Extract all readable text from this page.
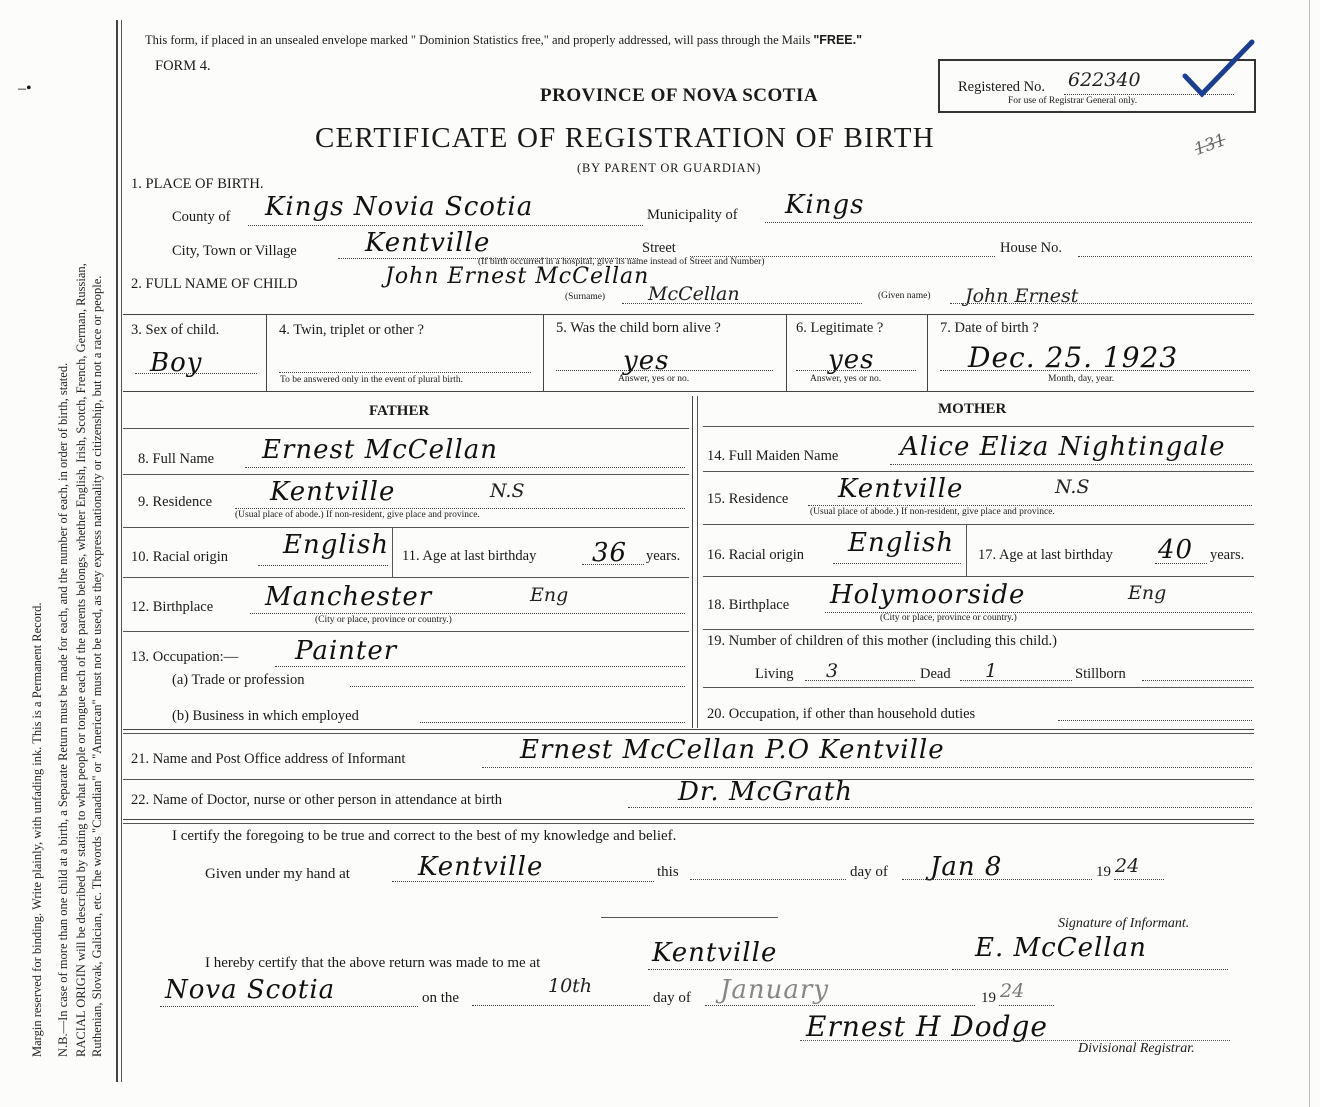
Margin reserved for binding. Write plainly, with unfading ink. This is a Permanent Record. N.B.—In case of more than one child at a birth, a Separate Return must be made for each, and the number of each, in order of birth, stated. RACIAL ORIGIN will be described by stating to what people or tongue each of the parents belongs, whether English, Irish, Scotch, French, German, Russian, Ruthenian, Slovak, Galician, etc. The words "Canadian" or "American" must not be used, as they express nationality or citizenship, but not a race or people.
–•
This form, if placed in an unsealed envelope marked " Dominion Statistics free," and properly addressed, will pass through the Mails "FREE."
FORM 4.
PROVINCE OF NOVA SCOTIA
CERTIFICATE OF REGISTRATION OF BIRTH
(BY PARENT OR GUARDIAN)
Registered No. 622340
For use of Registrar General only.
131
1. PLACE OF BIRTH.
County of Kings Novia Scotia	Municipality of Kings
City, Town or Village	Kentville	Street	House No.
(If birth occurred in a hospital, give its name instead of Street and Number)
2. FULL NAME OF CHILD	John Ernest McCellan
(Surname) McCellan	(Given name) John Ernest
3. Sex of child.
Boy
4. Twin, triplet or other ?
To be answered only in the event of plural birth.
5. Was the child born alive ?
yes
Answer, yes or no.
6. Legitimate ?
yes
Answer, yes or no.
7. Date of birth ?
Dec. 25. 1923
Month, day, year.
FATHER	MOTHER
8. Full Name Ernest McCellan
9. Residence Kentville	N.S
(Usual place of abode.) If non-resident, give place and province.
10. Racial origin English 11. Age at last birthday 36 years.
12. Birthplace Manchester	Eng
(City or place, province or country.)
13. Occupation:— Painter
(a) Trade or profession
(b) Business in which employed
14. Full Maiden Name Alice Eliza Nightingale
15. Residence Kentville	N.S
(Usual place of abode.) If non-resident, give place and province.
16. Racial origin English 17. Age at last birthday 40 years.
18. Birthplace Holymoorside	Eng
(City or place, province or country.)
19. Number of children of this mother (including this child.)
Living 3	Dead 1	Stillborn
20. Occupation, if other than household duties
21. Name and Post Office address of Informant	Ernest McCellan P.O Kentville
22. Name of Doctor, nurse or other person in attendance at birth	Dr. McGrath
I certify the foregoing to be true and correct to the best of my knowledge and belief.
Given under my hand at	Kentville	this	day of Jan 8	19 24
Signature of Informant.
I hereby certify that the above return was made to me at	Kentville	E. McCellan
Nova Scotia	on the
10th
day of January	19 24
Ernest H Dodge
Divisional Registrar.
